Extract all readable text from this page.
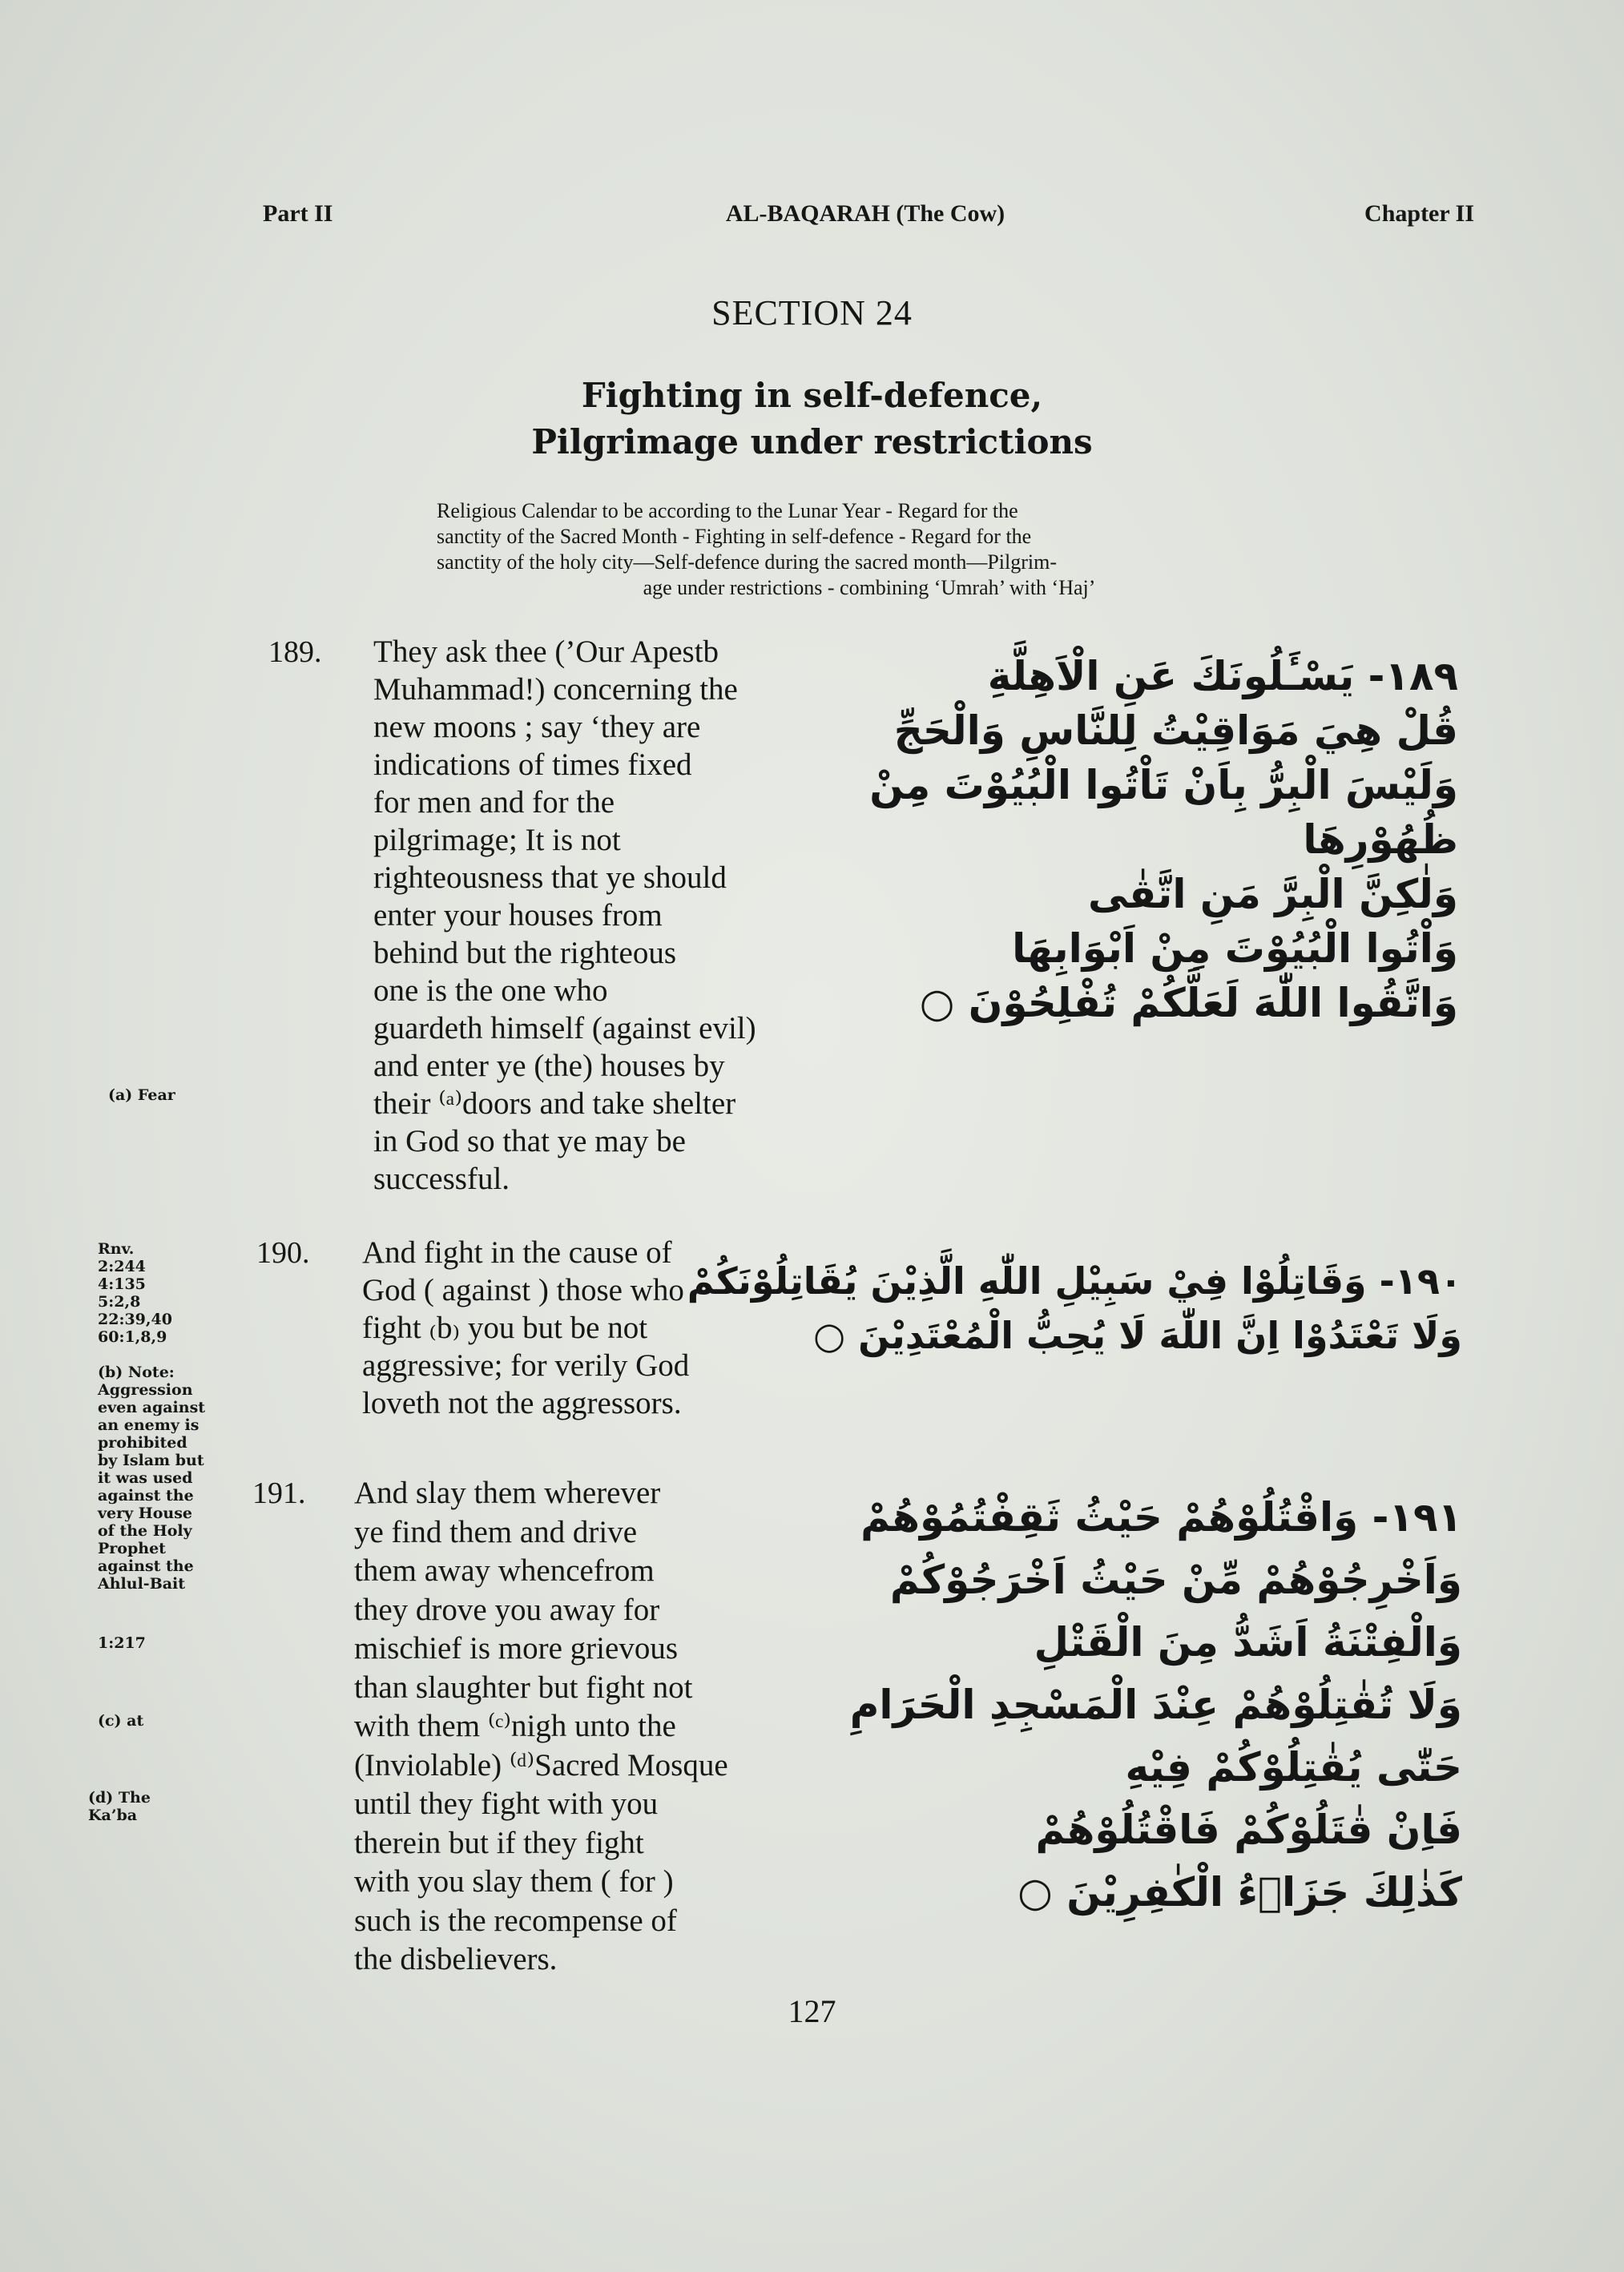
Part II	AL-BAQARAH (The Cow)	Chapter II
SECTION 24
Fighting in self-defence,
Pilgrimage under restrictions
Religious Calendar to be according to the Lunar Year - Regard for the
sanctity of the Sacred Month - Fighting in self-defence - Regard for the
sanctity of the holy city—Self-defence during the sacred month—Pilgrim-
age under restrictions - combining ‘Umrah’ with ‘Haj’
189. They ask thee (’Our Apestb
Muhammad!) concerning the
new moons ; say ‘they are
indications of times fixed
for men and for the
pilgrimage; It is not
righteousness that ye should
enter your houses from
behind but the righteous
one is the one who
guardeth himself (against evil)
and enter ye (the) houses by
their ⁽ᵃ⁾doors and take shelter
in God so that ye may be
successful.
۱۸۹- يَسْـَٔلُونَكَ عَنِ الْاَهِلَّةِ
قُلْ هِيَ مَوَاقِيْتُ لِلنَّاسِ وَالْحَجِّ
وَلَيْسَ الْبِرُّ بِاَنْ تَاْتُوا الْبُيُوْتَ مِنْ
ظُهُوْرِهَا
وَلٰكِنَّ الْبِرَّ مَنِ اتَّقٰى
وَاْتُوا الْبُيُوْتَ مِنْ اَبْوَابِهَا
وَاتَّقُوا اللّٰهَ لَعَلَّكُمْ تُفْلِحُوْنَ ○
190. And fight in the cause of
God ( against ) those who
fight ₍b₎ you but be not
aggressive; for verily God
loveth not the aggressors.
۱۹۰- وَقَاتِلُوْا فِيْ سَبِيْلِ اللّٰهِ الَّذِيْنَ يُقَاتِلُوْنَكُمْ
وَلَا تَعْتَدُوْا اِنَّ اللّٰهَ لَا يُحِبُّ الْمُعْتَدِيْنَ ○
191. And slay them wherever
ye find them and drive
them away whencefrom
they drove you away for
mischief is more grievous
than slaughter but fight not
with them ⁽ᶜ⁾nigh unto the
(Inviolable) ⁽ᵈ⁾Sacred Mosque
until they fight with you
therein but if they fight
with you slay them ( for )
such is the recompense of
the disbelievers.
۱۹۱- وَاقْتُلُوْهُمْ حَيْثُ ثَقِفْتُمُوْهُمْ
وَاَخْرِجُوْهُمْ مِّنْ حَيْثُ اَخْرَجُوْكُمْ
وَالْفِتْنَةُ اَشَدُّ مِنَ الْقَتْلِ
وَلَا تُقٰتِلُوْهُمْ عِنْدَ الْمَسْجِدِ الْحَرَامِ
حَتّٰى يُقٰتِلُوْكُمْ فِيْهِ
فَاِنْ قٰتَلُوْكُمْ فَاقْتُلُوْهُمْ
كَذٰلِكَ جَزَاۤءُ الْكٰفِرِيْنَ ○
(a) Fear
Rnv.
2:244
4:135
5:2,8
22:39,40
60:1,8,9
(b) Note:
Aggression
even against
an enemy is
prohibited
by Islam but
it was used
against the
very House
of the Holy
Prophet
against the
Ahlul-Bait
1:217
(c) at
(d) The
Ka’ba
127
